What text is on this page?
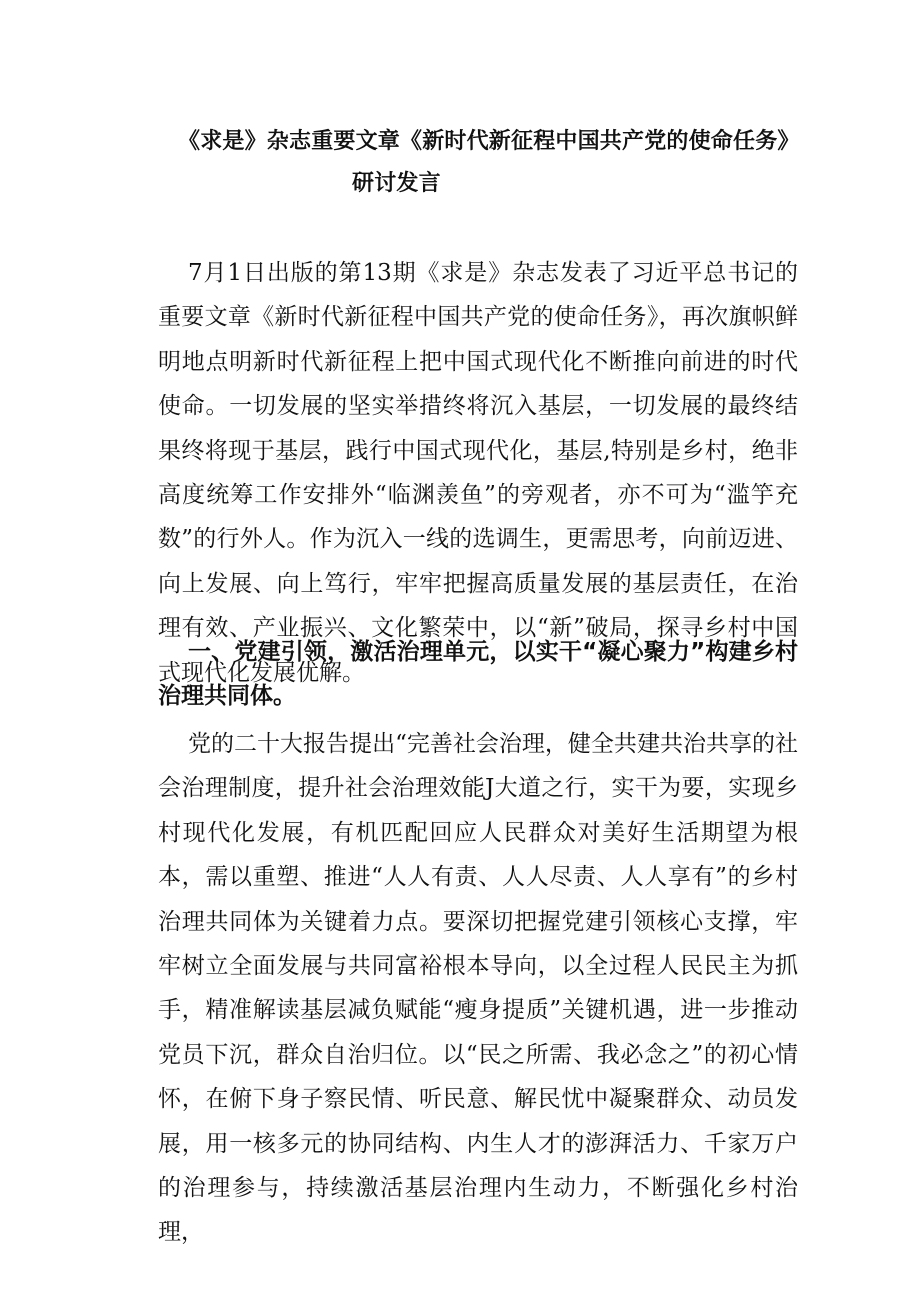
《求是》杂志重要文章《新时代新征程中国共产党的使命任务》
研讨发言

7月1日出版的第13期《求是》杂志发表了习近平总书记的重要文章《新时代新征程中国共产党的使命任务》，再次旗帜鲜明地点明新时代新征程上把中国式现代化不断推向前进的时代使命。一切发展的坚实举措终将沉入基层，一切发展的最终结果终将现于基层，践行中国式现代化，基层,特别是乡村，绝非高度统筹工作安排外“临渊羡鱼”的旁观者，亦不可为“滥竽充数”的行外人。作为沉入一线的选调生，更需思考，向前迈进、向上发展、向上笃行，牢牢把握高质量发展的基层责任，在治理有效、产业振兴、文化繁荣中，以“新”破局，探寻乡村中国式现代化发展优解。

一、党建引领，激活治理单元，以实干“凝心聚力”构建乡村治理共同体。

党的二十大报告提出“完善社会治理，健全共建共治共享的社会治理制度，提升社会治理效能J大道之行，实干为要，实现乡村现代化发展，有机匹配回应人民群众对美好生活期望为根本，需以重塑、推进“人人有责、人人尽责、人人享有”的乡村治理共同体为关键着力点。要深切把握党建引领核心支撑，牢牢树立全面发展与共同富裕根本导向，以全过程人民民主为抓手，精准解读基层减负赋能“瘦身提质”关键机遇，进一步推动党员下沉，群众自治归位。以“民之所需、我必念之”的初心情怀，在俯下身子察民情、听民意、解民忧中凝聚群众、动员发展，用一核多元的协同结构、内生人才的澎湃活力、千家万户的治理参与，持续激活基层治理内生动力，不断强化乡村治理，
